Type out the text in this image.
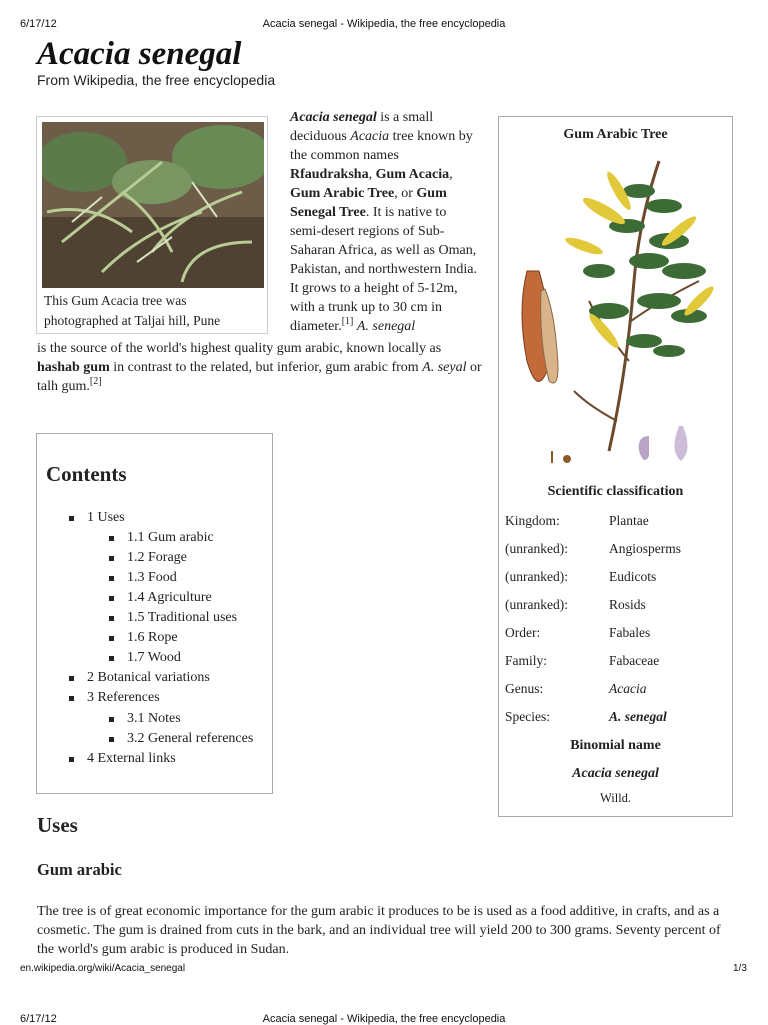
6/17/12	Acacia senegal - Wikipedia, the free encyclopedia
Acacia senegal
From Wikipedia, the free encyclopedia
This Gum Acacia tree was photographed at Taljai hill, Pune
Acacia senegal is a small deciduous Acacia tree known by the common names Rfaudraksha, Gum Acacia, Gum Arabic Tree, or Gum Senegal Tree. It is native to semi-desert regions of Sub-Saharan Africa, as well as Oman, Pakistan, and northwestern India. It grows to a height of 5-12m, with a trunk up to 30 cm in diameter.[1] A. senegal
is the source of the world's highest quality gum arabic, known locally as hashab gum in contrast to the related, but inferior, gum arabic from A. seyal or talh gum.[2]
Gum Arabic Tree
Scientific classification
Kingdom:	Plantae
(unranked):	Angiosperms
(unranked):	Eudicots
(unranked):	Rosids
Order:	Fabales
Family:	Fabaceae
Genus:	Acacia
Species:	A. senegal
Binomial name
Acacia senegal
Willd.
Contents
1 Uses
1.1 Gum arabic
1.2 Forage
1.3 Food
1.4 Agriculture
1.5 Traditional uses
1.6 Rope
1.7 Wood
2 Botanical variations
3 References
3.1 Notes
3.2 General references
4 External links
Uses
Gum arabic
The tree is of great economic importance for the gum arabic it produces to be is used as a food additive, in crafts, and as a cosmetic. The gum is drained from cuts in the bark, and an individual tree will yield 200 to 300 grams. Seventy percent of the world's gum arabic is produced in Sudan.
en.wikipedia.org/wiki/Acacia_senegal	1/3
6/17/12	Acacia senegal - Wikipedia, the free encyclopedia
